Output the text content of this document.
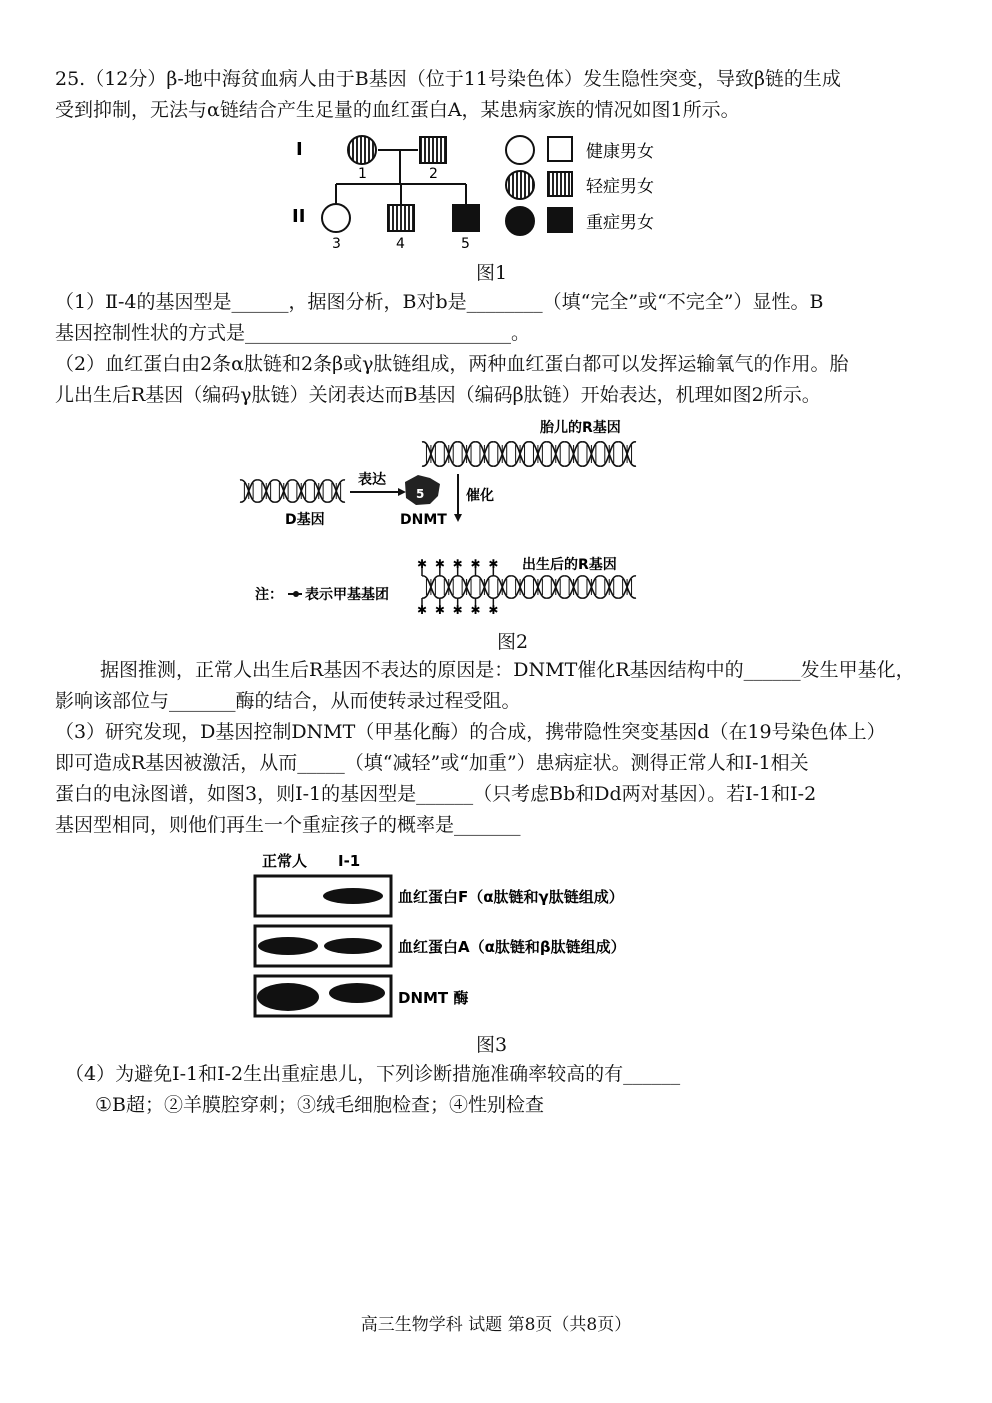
25.（12分）β-地中海贫血病人由于B基因（位于11号染色体）发生隐性突变，导致β链的生成
受到抑制，无法与α链结合产生足量的血红蛋白A，某患病家族的情况如图1所示。
I
II
1	2
3	4	5
健康男女
轻症男女
重症男女
图1
（1）Ⅱ-4的基因型是______，据图分析，B对b是________（填“完全”或“不完全”）显性。B
基因控制性状的方式是____________________________。
（2）血红蛋白由2条α肽链和2条β或γ肽链组成，两种血红蛋白都可以发挥运输氧气的作用。胎
儿出生后R基因（编码γ肽链）关闭表达而B基因（编码β肽链）开始表达，机理如图2所示。
胎儿的R基因
D基因
表达
5
DNMT
催化
✱
✱
✱
✱
✱
✱
✱
✱
✱
✱
出生后的R基因
注： 表示甲基基团
图2
据图推测，正常人出生后R基因不表达的原因是：DNMT催化R基因结构中的______发生甲基化，
影响该部位与_______酶的结合，从而使转录过程受阻。
（3）研究发现，D基因控制DNMT（甲基化酶）的合成，携带隐性突变基因d（在19号染色体上）
即可造成R基因被激活，从而_____（填“减轻”或“加重”）患病症状。测得正常人和Ⅰ-1相关
蛋白的电泳图谱，如图3，则Ⅰ-1的基因型是______（只考虑Bb和Dd两对基因）。若Ⅰ-1和Ⅰ-2
基因型相同，则他们再生一个重症孩子的概率是_______
正常人 Ⅰ-1
血红蛋白F（α肽链和γ肽链组成）
血红蛋白A（α肽链和β肽链组成）
DNMT 酶
图3
（4）为避免Ⅰ-1和Ⅰ-2生出重症患儿，下列诊断措施准确率较高的有______
①B超；②羊膜腔穿刺；③绒毛细胞检查；④性别检查
高三生物学科 试题 第8页（共8页）
